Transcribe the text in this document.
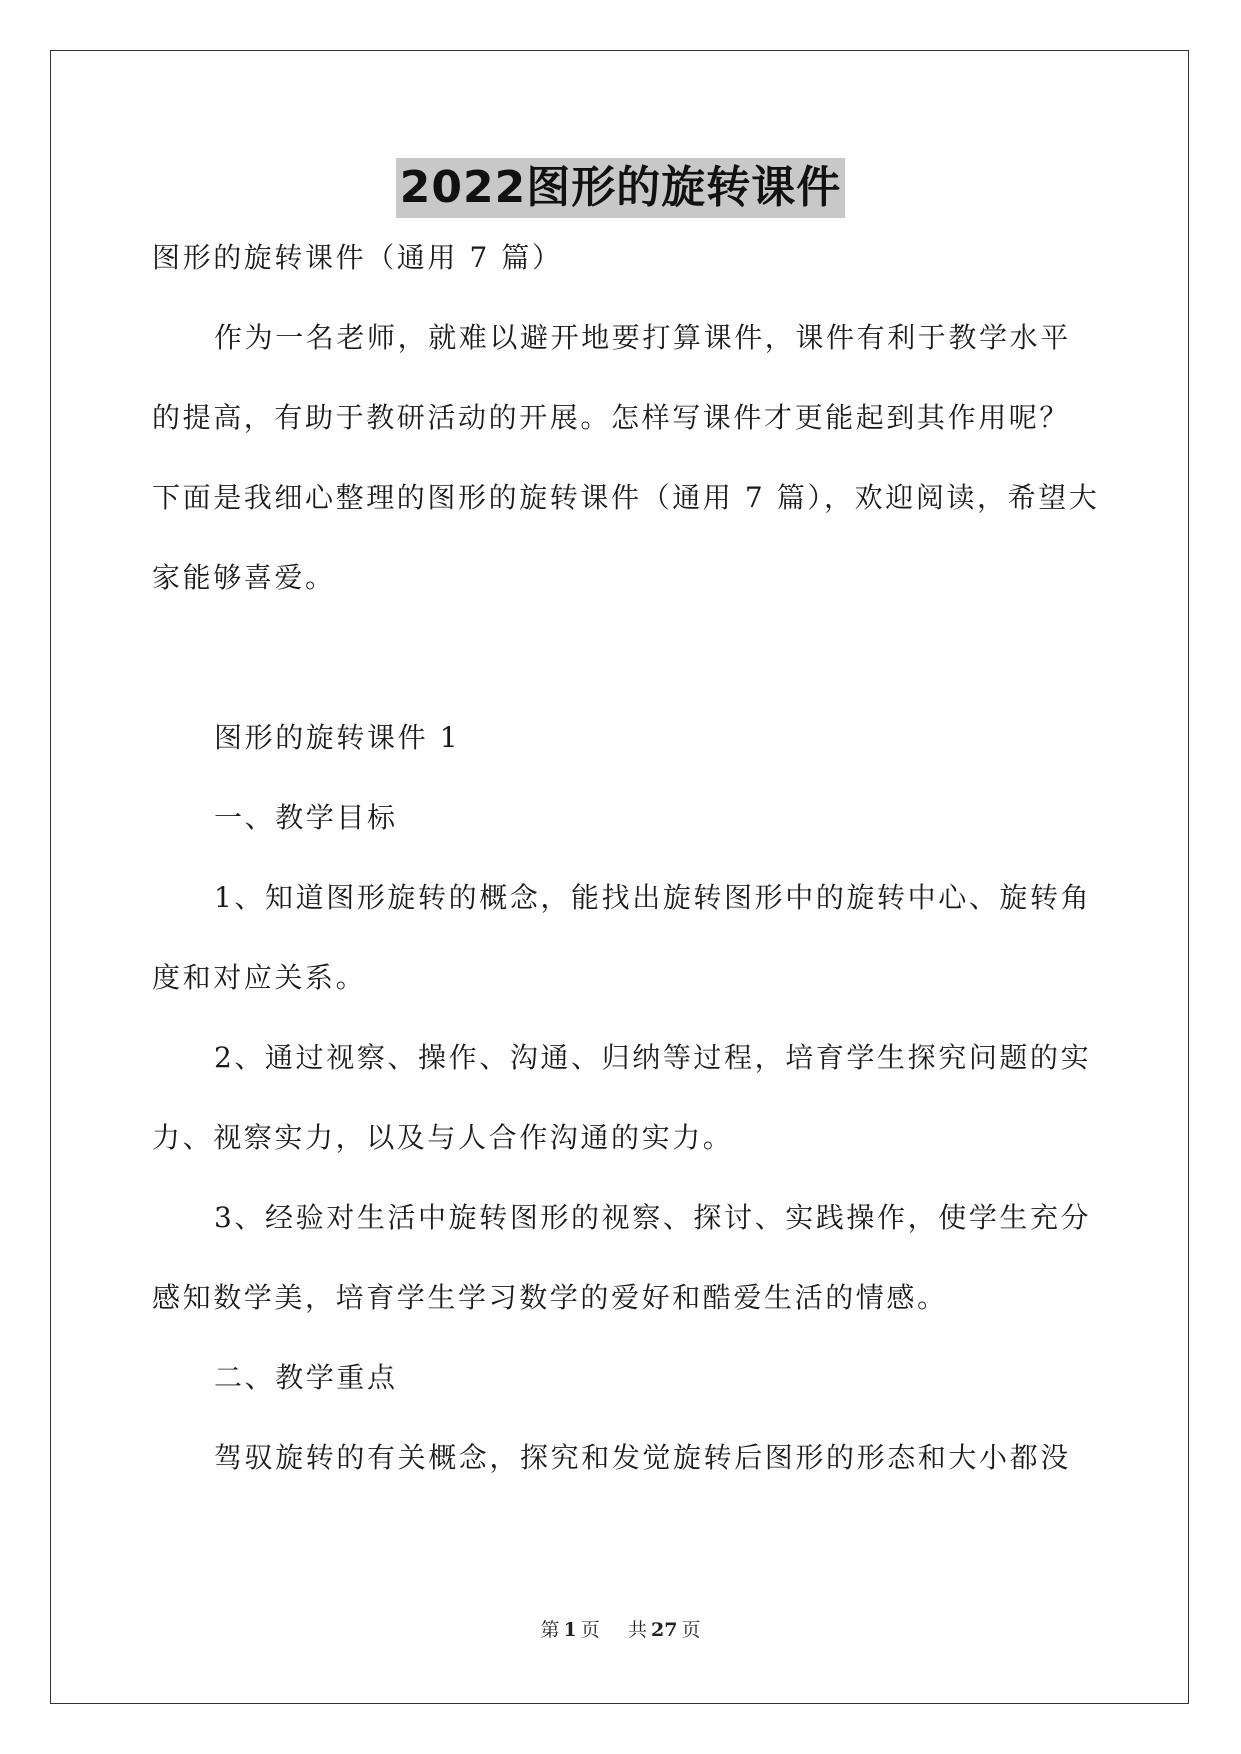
2022图形的旋转课件
图形的旋转课件（通用 7 篇）
作为一名老师，就难以避开地要打算课件，课件有利于教学水平
的提高，有助于教研活动的开展。怎样写课件才更能起到其作用呢？
下面是我细心整理的图形的旋转课件（通用 7 篇），欢迎阅读，希望大
家能够喜爱。
图形的旋转课件 1
一、教学目标
1、知道图形旋转的概念，能找出旋转图形中的旋转中心、旋转角
度和对应关系。
2、通过视察、操作、沟通、归纳等过程，培育学生探究问题的实
力、视察实力，以及与人合作沟通的实力。
3、经验对生活中旋转图形的视察、探讨、实践操作，使学生充分
感知数学美，培育学生学习数学的爱好和酷爱生活的情感。
二、教学重点
驾驭旋转的有关概念，探究和发觉旋转后图形的形态和大小都没
第 1 页 共 27 页
